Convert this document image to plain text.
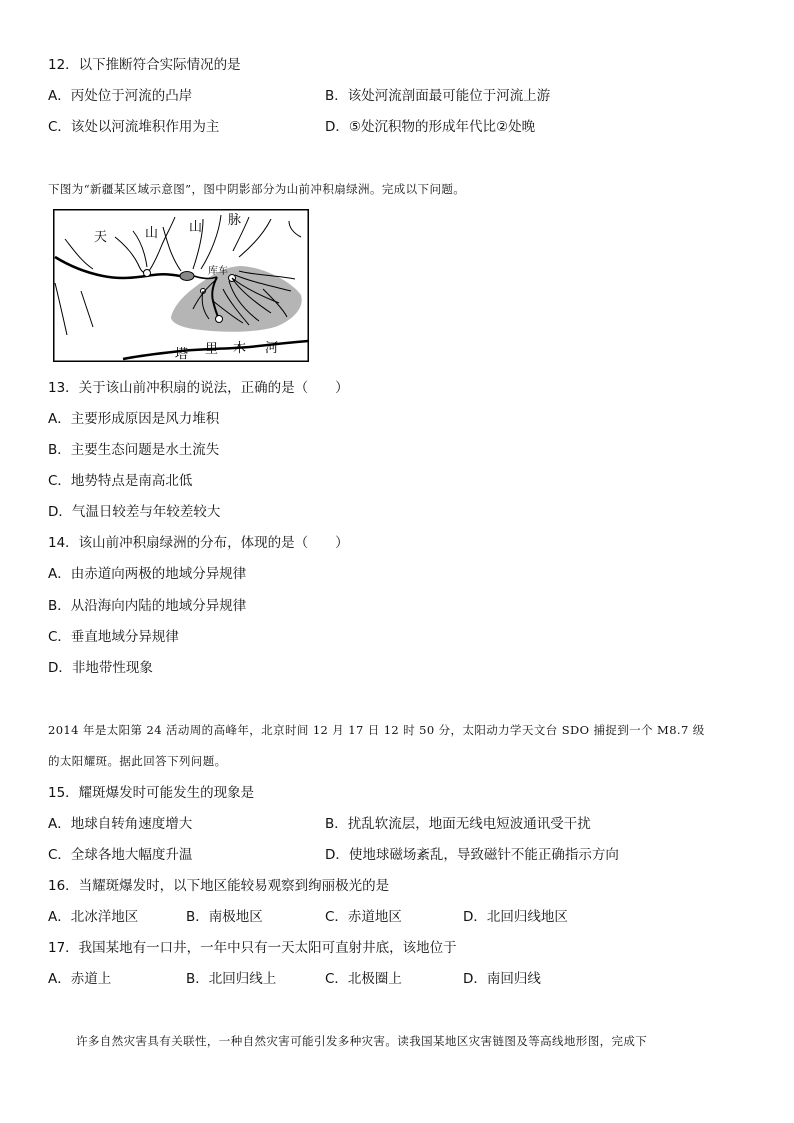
12．以下推断符合实际情况的是
A．丙处位于河流的凸岸	B．该处河流剖面最可能位于河流上游
C．该处以河流堆积作用为主	D．⑤处沉积物的形成年代比②处晚
下图为“新疆某区域示意图”，图中阴影部分为山前冲积扇绿洲。完成以下问题。
天	山 山 脉
库车
塔 里 木 河
13．关于该山前冲积扇的说法，正确的是（　　）
A．主要形成原因是风力堆积
B．主要生态问题是水土流失
C．地势特点是南高北低
D．气温日较差与年较差较大
14．该山前冲积扇绿洲的分布，体现的是（　　）
A．由赤道向两极的地域分异规律
B．从沿海向内陆的地域分异规律
C．垂直地域分异规律
D．非地带性现象
2014 年是太阳第 24 活动周的高峰年，北京时间 12 月 17 日 12 时 50 分，太阳动力学天文台 SDO 捕捉到一个 M8.7 级
的太阳耀斑。据此回答下列问题。
15．耀斑爆发时可能发生的现象是
A．地球自转角速度增大	B．扰乱软流层，地面无线电短波通讯受干扰
C．全球各地大幅度升温	D．使地球磁场紊乱，导致磁针不能正确指示方向
16．当耀斑爆发时，以下地区能较易观察到绚丽极光的是
A．北冰洋地区	B．南极地区	C．赤道地区	D．北回归线地区
17．我国某地有一口井，一年中只有一天太阳可直射井底，该地位于
A．赤道上	B．北回归线上	C．北极圈上	D．南回归线
许多自然灾害具有关联性，一种自然灾害可能引发多种灾害。读我国某地区灾害链图及等高线地形图，完成下
